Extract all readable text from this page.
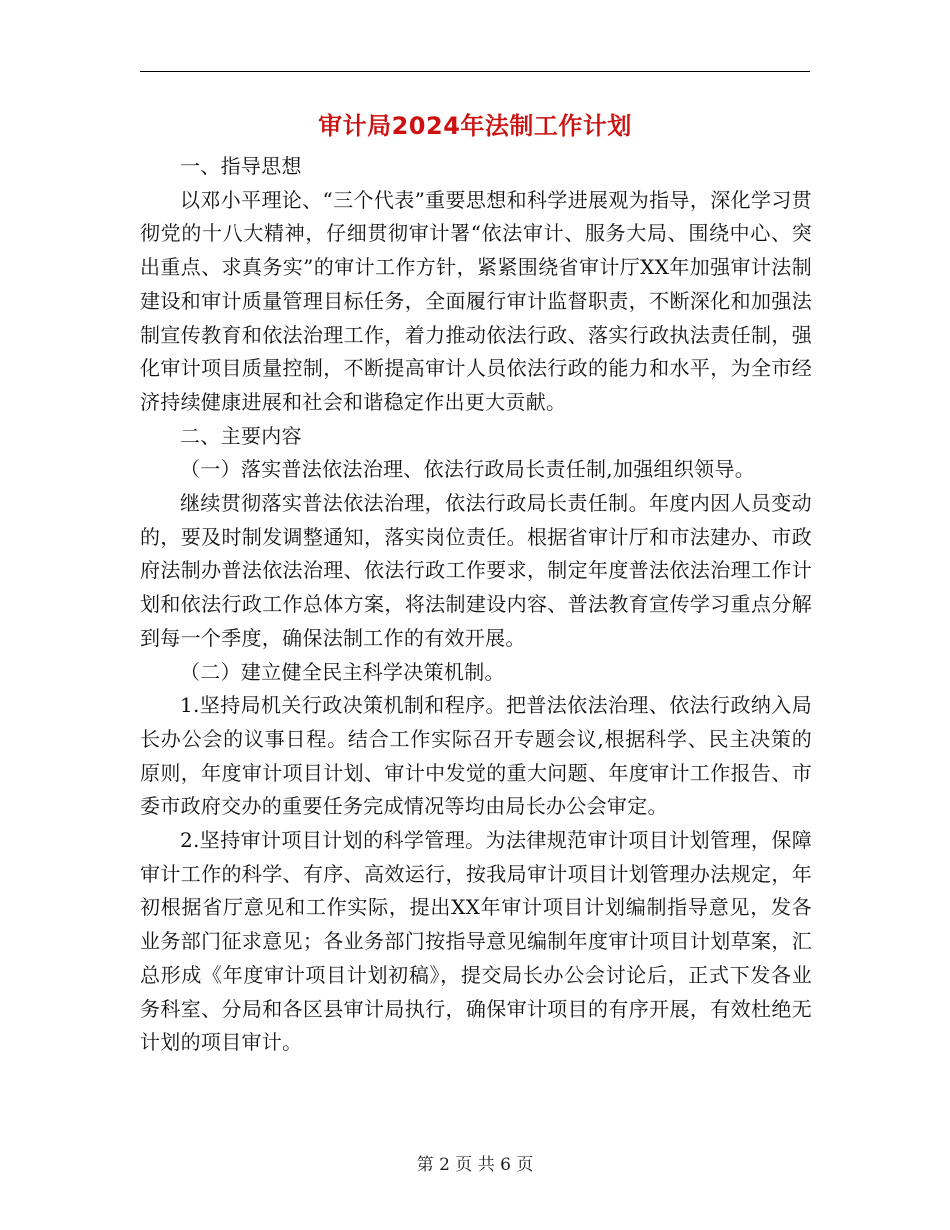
审计局2024年法制工作计划

一、指导思想

以邓小平理论、“三个代表”重要思想和科学进展观为指导，深化学习贯彻党的十八大精神，仔细贯彻审计署“依法审计、服务大局、围绕中心、突出重点、求真务实”的审计工作方针，紧紧围绕省审计厅XX年加强审计法制建设和审计质量管理目标任务，全面履行审计监督职责，不断深化和加强法制宣传教育和依法治理工作，着力推动依法行政、落实行政执法责任制，强化审计项目质量控制，不断提高审计人员依法行政的能力和水平，为全市经济持续健康进展和社会和谐稳定作出更大贡献。

二、主要内容

（一）落实普法依法治理、依法行政局长责任制,加强组织领导。

继续贯彻落实普法依法治理，依法行政局长责任制。年度内因人员变动的，要及时制发调整通知，落实岗位责任。根据省审计厅和市法建办、市政府法制办普法依法治理、依法行政工作要求，制定年度普法依法治理工作计划和依法行政工作总体方案，将法制建设内容、普法教育宣传学习重点分解到每一个季度，确保法制工作的有效开展。

（二）建立健全民主科学决策机制。

1.坚持局机关行政决策机制和程序。把普法依法治理、依法行政纳入局长办公会的议事日程。结合工作实际召开专题会议,根据科学、民主决策的原则，年度审计项目计划、审计中发觉的重大问题、年度审计工作报告、市委市政府交办的重要任务完成情况等均由局长办公会审定。

2.坚持审计项目计划的科学管理。为法律规范审计项目计划管理，保障审计工作的科学、有序、高效运行，按我局审计项目计划管理办法规定，年初根据省厅意见和工作实际，提出XX年审计项目计划编制指导意见，发各业务部门征求意见；各业务部门按指导意见编制年度审计项目计划草案，汇总形成《年度审计项目计划初稿》，提交局长办公会讨论后，正式下发各业务科室、分局和各区县审计局执行，确保审计项目的有序开展，有效杜绝无计划的项目审计。

第 2 页 共 6 页
